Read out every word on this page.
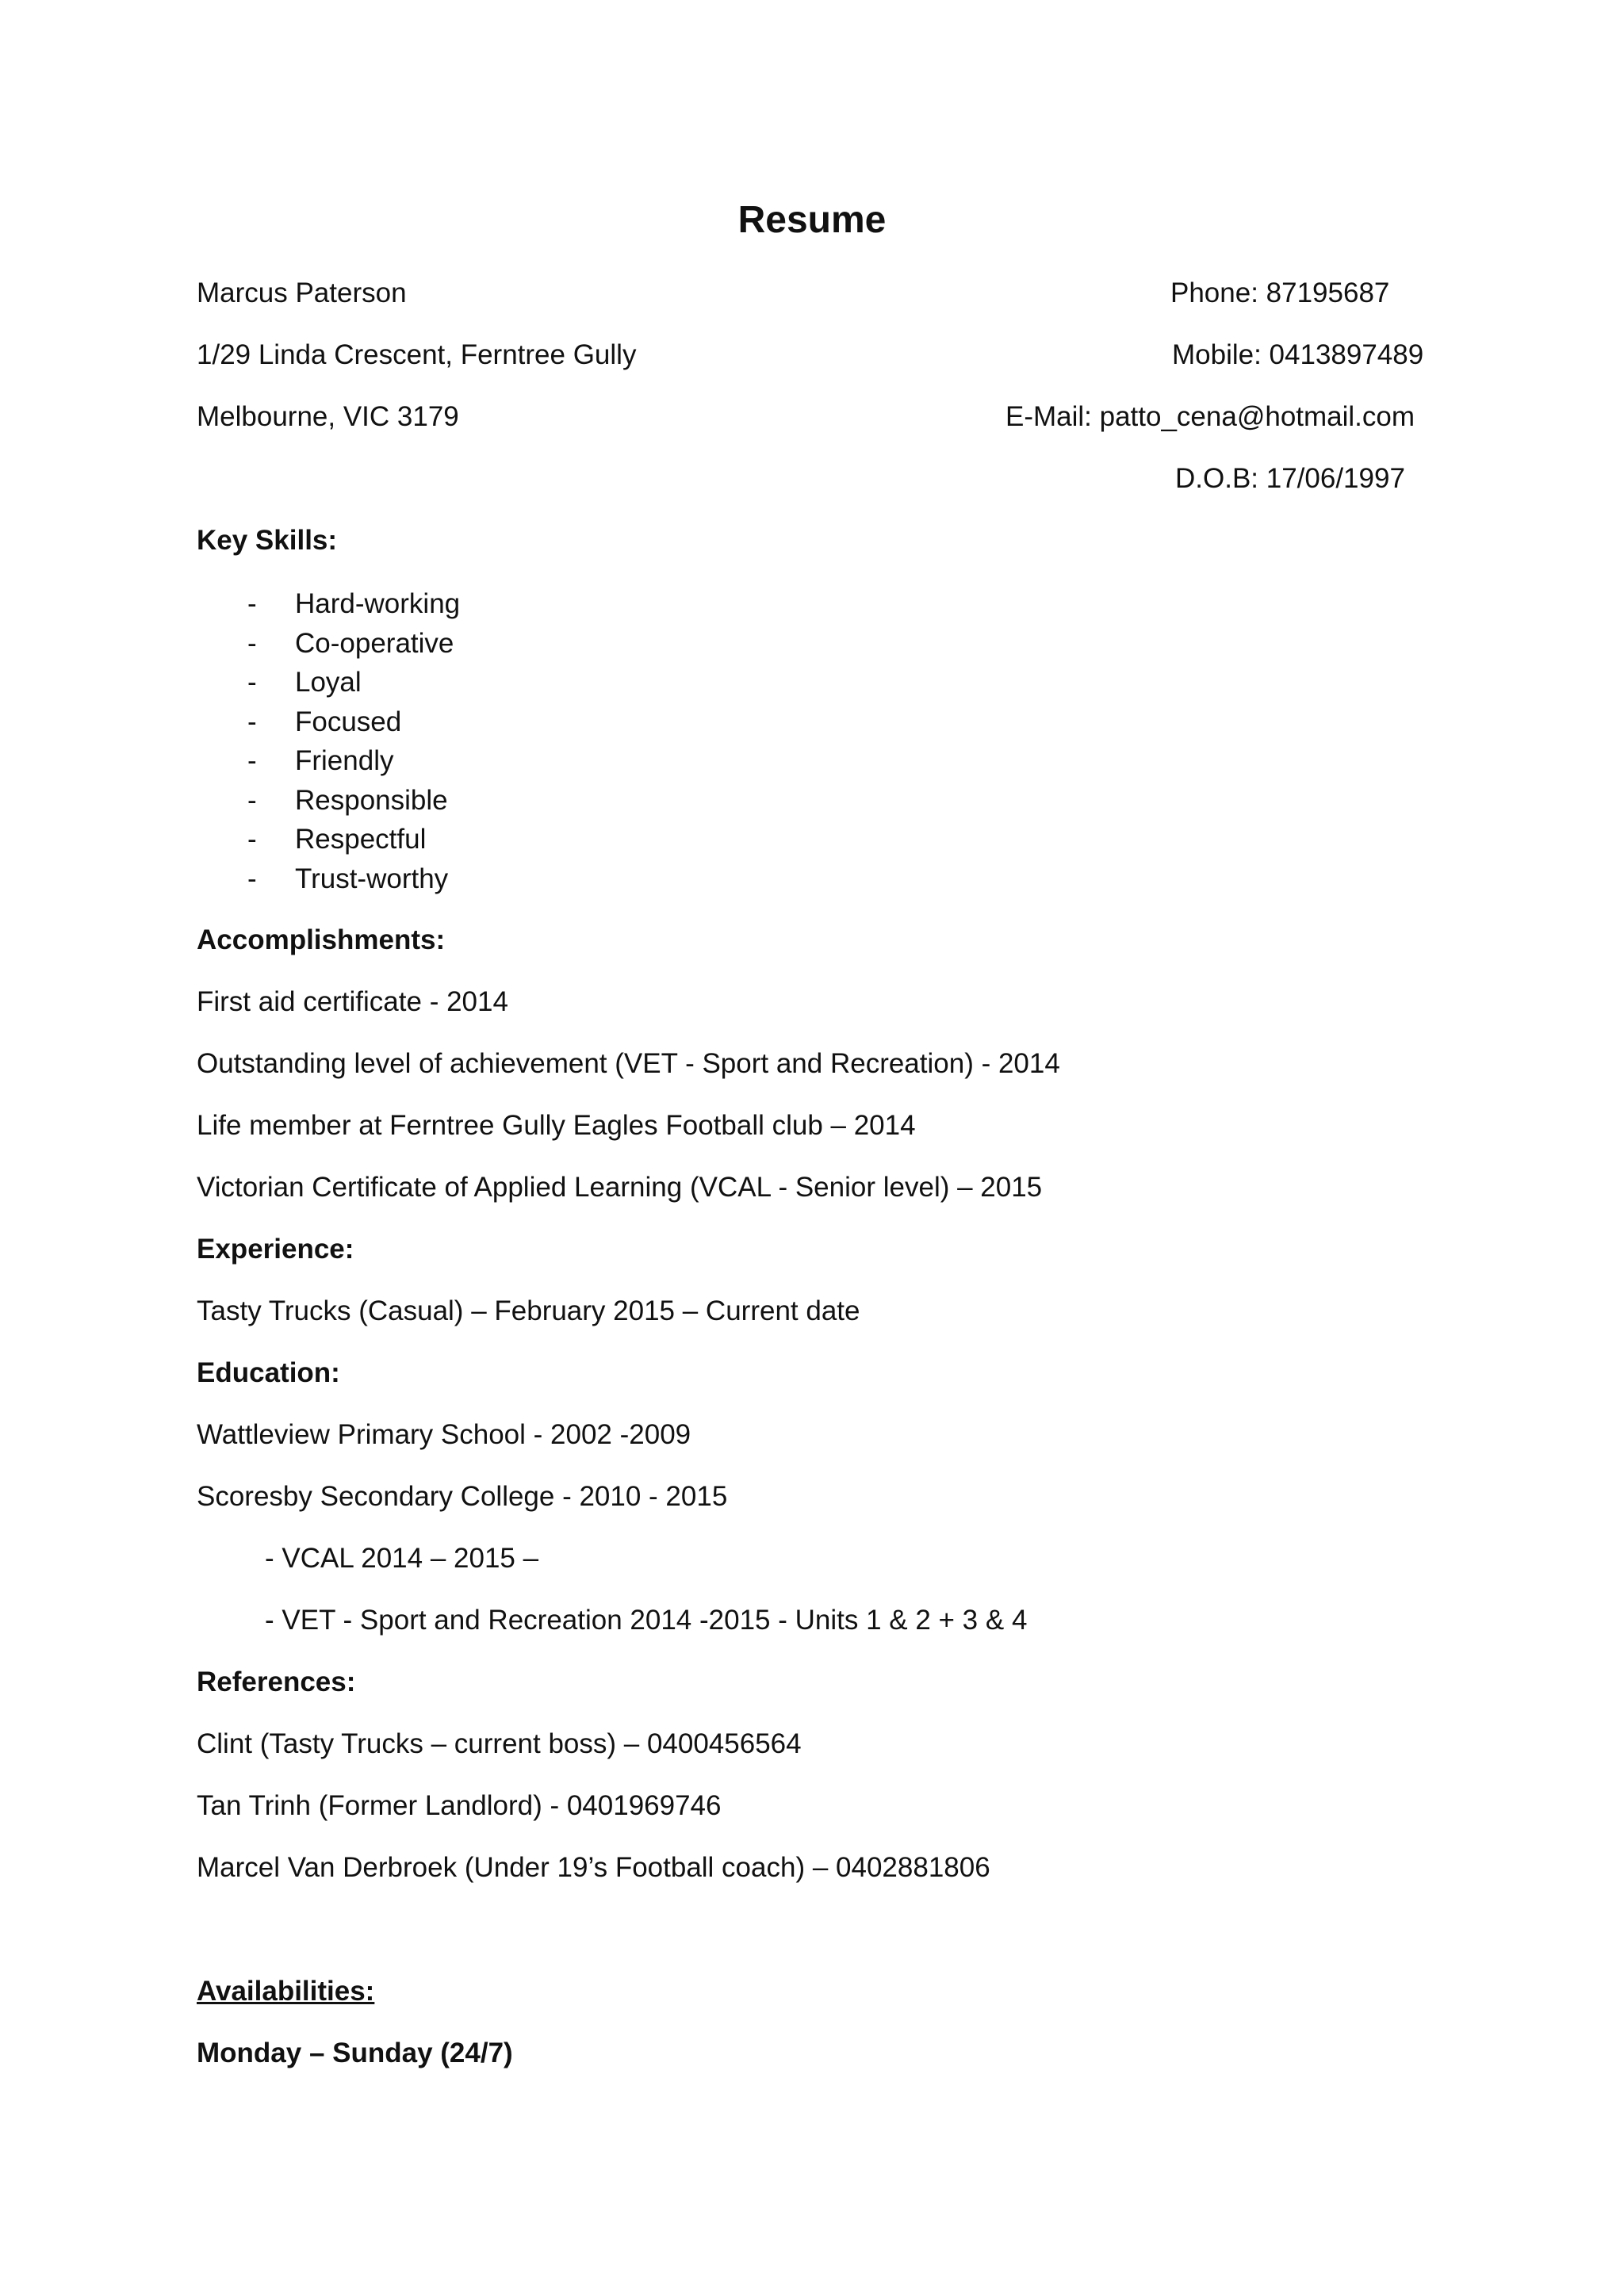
Resume

Marcus Paterson

1/29 Linda Crescent, Ferntree Gully

Melbourne, VIC 3179

Phone: 87195687

Mobile: 0413897489

E-Mail: patto_cena@hotmail.com

D.O.B: 17/06/1997

Key Skills:

- Hard-working
- Co-operative
- Loyal
- Focused
- Friendly
- Responsible
- Respectful
- Trust-worthy

Accomplishments:

First aid certificate - 2014

Outstanding level of achievement (VET - Sport and Recreation) - 2014

Life member at Ferntree Gully Eagles Football club – 2014

Victorian Certificate of Applied Learning (VCAL - Senior level) – 2015

Experience:

Tasty Trucks (Casual) – February 2015 – Current date

Education:

Wattleview Primary School - 2002 -2009

Scoresby Secondary College - 2010 - 2015

- VCAL 2014 – 2015 –

- VET - Sport and Recreation 2014 -2015 - Units 1 & 2 + 3 & 4

References:

Clint (Tasty Trucks – current boss) – 0400456564

Tan Trinh (Former Landlord) - 0401969746

Marcel Van Derbroek (Under 19’s Football coach) – 0402881806

Availabilities:

Monday – Sunday (24/7)
